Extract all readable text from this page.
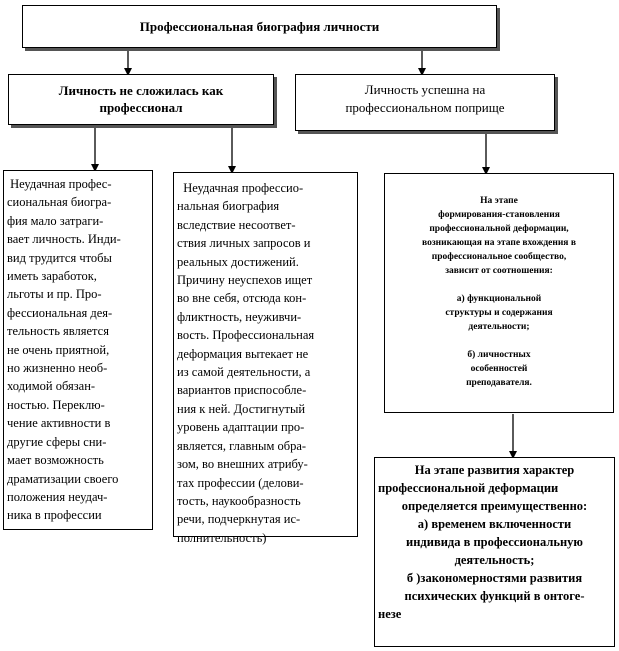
Профессиональная биография личности
Личность не сложилась как
профессионал
Личность успешна на
профессиональном поприще
Неудачная профес-
сиональная биогра-
фия мало затраги-
вает личность. Инди-
вид трудится чтобы
иметь заработок,
льготы и пр. Про-
фессиональная дея-
тельность является
не очень приятной,
но жизненно необ-
ходимой обязан-
ностью. Переклю-
чение активности в
другие сферы сни-
мает возможность
драматизации своего
положения неудач-
ника в профессии
Неудачная профессио-
нальная биография
вследствие несоответ-
ствия личных запросов и
реальных достижений.
Причину неуспехов ищет
во вне себя, отсюда кон-
фликтность, неуживчи-
вость. Профессиональная
деформация вытекает не
из самой деятельности, а
вариантов приспособле-
ния к ней. Достигнутый
уровень адаптации про-
является, главным обра-
зом, во внешних атрибу-
тах профессии (делови-
тость, наукообразность
речи, подчеркнутая ис-
полнительность)
На этапе
формирования-становления
профессиональной деформации,
возникающая на этапе вхождения в
профессиональное сообщество,
зависит от соотношения:
а) функциональной
структуры и содержания
деятельности;
б) личностных
особенностей
преподавателя.
На этапе развития характер
профессиональной деформации
определяется преимущественно:
а) временем включенности
индивида в профессиональную
деятельность;
б )закономерностями развития
психических функций в онтоге-
незе
